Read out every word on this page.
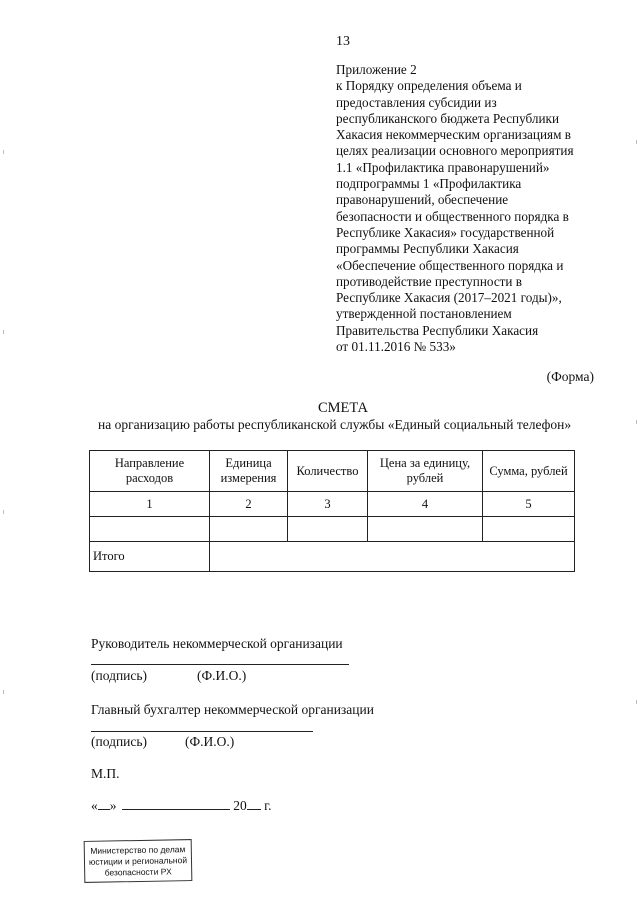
13
Приложение 2
к Порядку определения объема и
предоставления субсидии из
республиканского бюджета Республики
Хакасия некоммерческим организациям в
целях реализации основного мероприятия
1.1 «Профилактика правонарушений»
подпрограммы 1 «Профилактика
правонарушений, обеспечение
безопасности и общественного порядка в
Республике Хакасия» государственной
программы Республики Хакасия
«Обеспечение общественного порядка и
противодействие преступности в
Республике Хакасия (2017–2021 годы)»,
утвержденной постановлением
Правительства Республики Хакасия
от 01.11.2016 № 533»
(Форма)
СМЕТА
на организацию работы республиканской службы «Единый социальный телефон»
Направление расходов	Единица измерения	Количество	Цена за единицу, рублей	Сумма, рублей
1	2	3	4	5

Итого				
Руководитель некоммерческой организации
(подпись)	(Ф.И.О.)
Главный бухгалтер некоммерческой организации
(подпись)	(Ф.И.О.)
М.П.
« »	20 г.
Министерство по делам
юстиции и региональной
безопасности РХ
